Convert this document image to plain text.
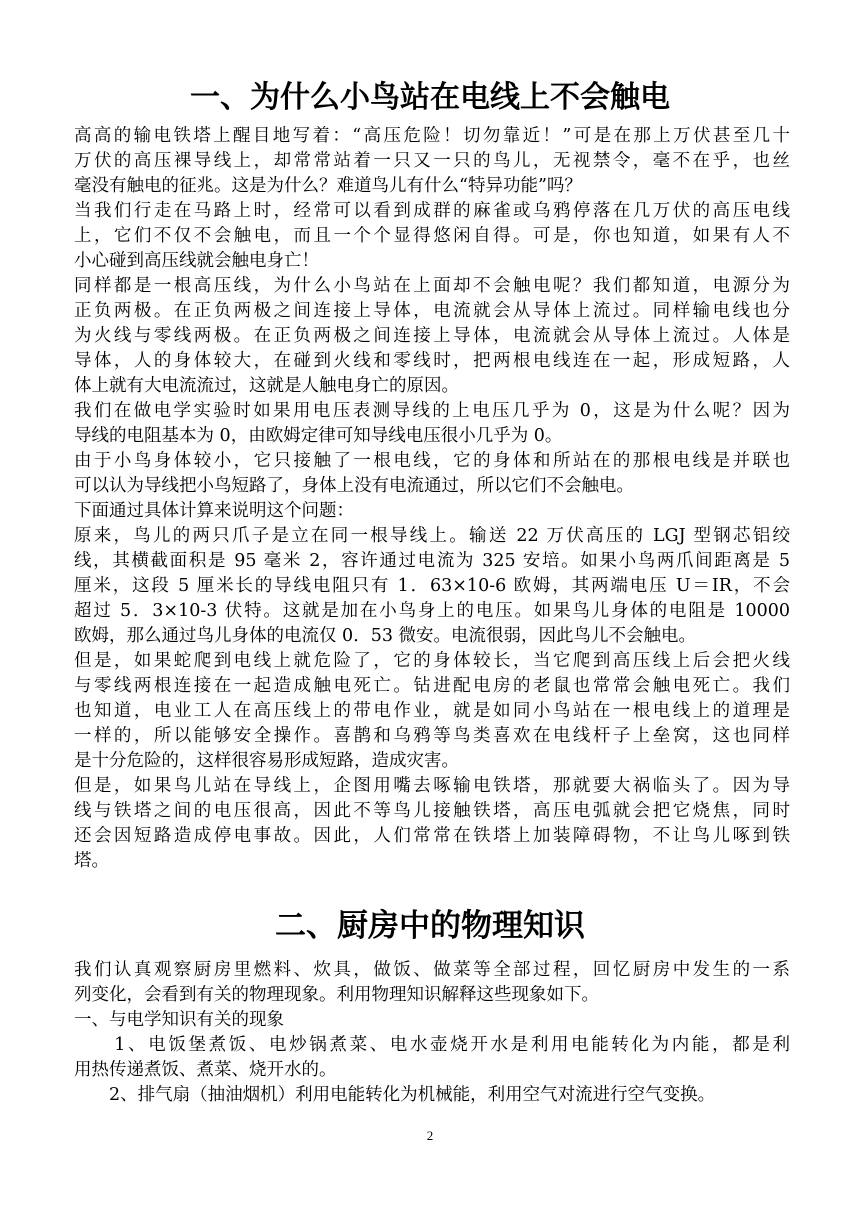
一、为什么小鸟站在电线上不会触电
高高的输电铁塔上醒目地写着：“高压危险！切勿靠近！”可是在那上万伏甚至几十
万伏的高压裸导线上，却常常站着一只又一只的鸟儿，无视禁令，毫不在乎，也丝
毫没有触电的征兆。这是为什么？难道鸟儿有什么“特异功能”吗？
当我们行走在马路上时，经常可以看到成群的麻雀或乌鸦停落在几万伏的高压电线
上，它们不仅不会触电，而且一个个显得悠闲自得。可是，你也知道，如果有人不
小心碰到高压线就会触电身亡！
同样都是一根高压线，为什么小鸟站在上面却不会触电呢？我们都知道，电源分为
正负两极。在正负两极之间连接上导体，电流就会从导体上流过。同样输电线也分
为火线与零线两极。在正负两极之间连接上导体，电流就会从导体上流过。人体是
导体，人的身体较大，在碰到火线和零线时，把两根电线连在一起，形成短路，人
体上就有大电流流过，这就是人触电身亡的原因。
我们在做电学实验时如果用电压表测导线的上电压几乎为 0，这是为什么呢？因为
导线的电阻基本为 0，由欧姆定律可知导线电压很小几乎为 0。
由于小鸟身体较小，它只接触了一根电线，它的身体和所站在的那根电线是并联也
可以认为导线把小鸟短路了，身体上没有电流通过，所以它们不会触电。
下面通过具体计算来说明这个问题：
原来，鸟儿的两只爪子是立在同一根导线上。输送 22 万伏高压的 LGJ 型钢芯铝绞
线，其横截面积是 95 毫米 2，容许通过电流为 325 安培。如果小鸟两爪间距离是 5
厘米，这段 5 厘米长的导线电阻只有 1．63×10-6 欧姆，其两端电压 U＝IR，不会
超过 5．3×10-3 伏特。这就是加在小鸟身上的电压。如果鸟儿身体的电阻是 10000
欧姆，那么通过鸟儿身体的电流仅 0．53 微安。电流很弱，因此鸟儿不会触电。
但是，如果蛇爬到电线上就危险了，它的身体较长，当它爬到高压线上后会把火线
与零线两根连接在一起造成触电死亡。钻进配电房的老鼠也常常会触电死亡。我们
也知道，电业工人在高压线上的带电作业，就是如同小鸟站在一根电线上的道理是
一样的，所以能够安全操作。喜鹊和乌鸦等鸟类喜欢在电线杆子上垒窝，这也同样
是十分危险的，这样很容易形成短路，造成灾害。
但是，如果鸟儿站在导线上，企图用嘴去啄输电铁塔，那就要大祸临头了。因为导
线与铁塔之间的电压很高，因此不等鸟儿接触铁塔，高压电弧就会把它烧焦，同时
还会因短路造成停电事故。因此，人们常常在铁塔上加装障碍物，不让鸟儿啄到铁
塔。
二、厨房中的物理知识
我们认真观察厨房里燃料、炊具，做饭、做菜等全部过程，回忆厨房中发生的一系
列变化，会看到有关的物理现象。利用物理知识解释这些现象如下。
一、与电学知识有关的现象
　　1、电饭堡煮饭、电炒锅煮菜、电水壶烧开水是利用电能转化为内能，都是利
用热传递煮饭、煮菜、烧开水的。
　　2、排气扇（抽油烟机）利用电能转化为机械能，利用空气对流进行空气变换。
2
